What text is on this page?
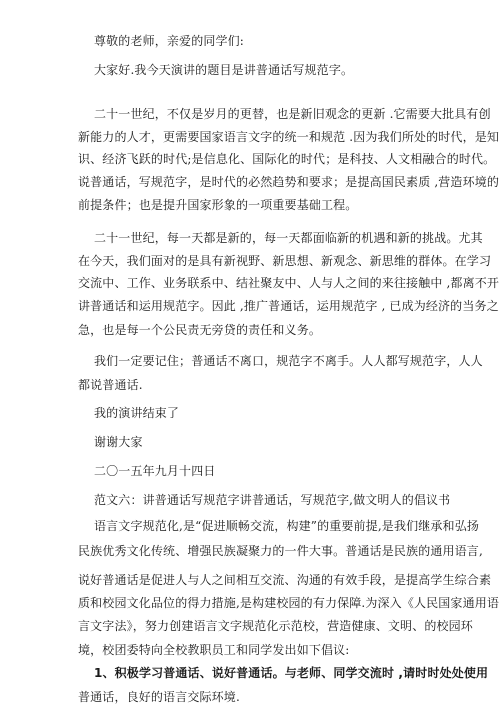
尊敬的老师，亲爱的同学们:
大家好.我今天演讲的题目是讲普通话写规范字。
二十一世纪，不仅是岁月的更替，也是新旧观念的更新 .它需要大批具有创
新能力的人才，更需要国家语言文字的统一和规范 .因为我们所处的时代，是知
识、经济飞跃的时代;是信息化、国际化的时代；是科技、人文相融合的时代。
说普通话，写规范字，是时代的必然趋势和要求；是提高国民素质 ,营造环境的
前提条件；也是提升国家形象的一项重要基础工程。
二十一世纪，每一天都是新的，每一天都面临新的机遇和新的挑战。尤其
在今天，我们面对的是具有新视野、新思想、新观念、新思维的群体。在学习
交流中、工作、业务联系中、结社聚友中、人与人之间的来往接触中 ,都离不开
讲普通话和运用规范字。因此 ,推广普通话，运用规范字 , 已成为经济的当务之
急，也是每一个公民责无旁贷的责任和义务。
我们一定要记住；普通话不离口，规范字不离手。人人都写规范字，人人
都说普通话.
我的演讲结束了
谢谢大家
二〇一五年九月十四日
范文六：讲普通话写规范字讲普通话，写规范字,做文明人的倡议书
语言文字规范化,是“促进顺畅交流，构建”的重要前提,是我们继承和弘扬
民族优秀文化传统、增强民族凝聚力的一件大事。普通话是民族的通用语言,
说好普通话是促进人与人之间相互交流、沟通的有效手段，是提高学生综合素
质和校园文化品位的得力措施,是构建校园的有力保障.为深入《人民国家通用语
言文字法》，努力创建语言文字规范化示范校，营造健康、文明、的校园环
境，校团委特向全校教职员工和同学发出如下倡议:
1、积极学习普通话、说好普通话。与老师、同学交流时 ,请时时处处使用
普通话，良好的语言交际环境.
